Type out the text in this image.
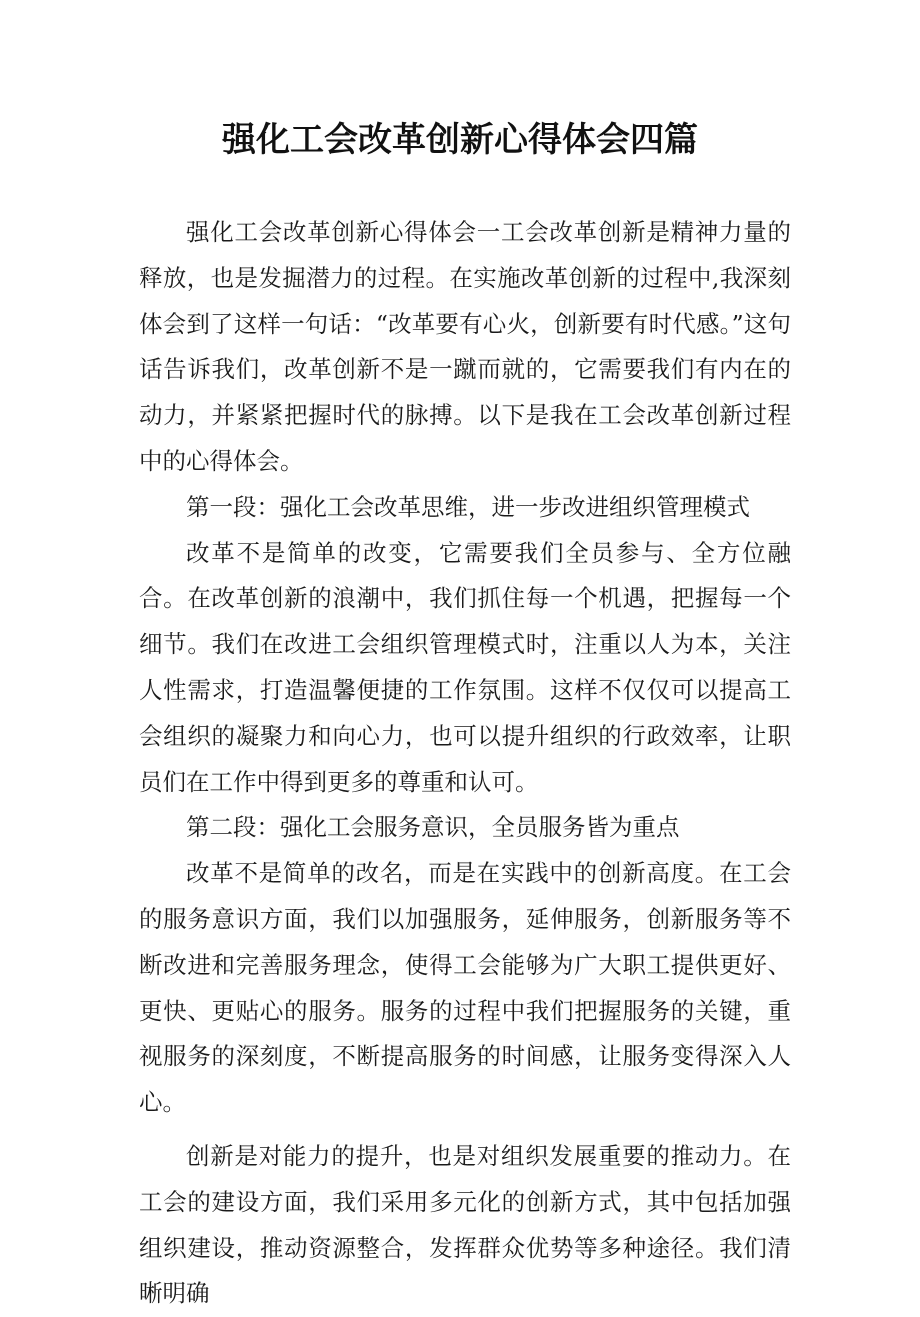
强化工会改革创新心得体会四篇

强化工会改革创新心得体会一工会改革创新是精神力量的释放，也是发掘潜力的过程。在实施改革创新的过程中,我深刻体会到了这样一句话：“改革要有心火，创新要有时代感。”这句话告诉我们，改革创新不是一蹴而就的，它需要我们有内在的动力，并紧紧把握时代的脉搏。以下是我在工会改革创新过程中的心得体会。

第一段：强化工会改革思维，进一步改进组织管理模式

改革不是简单的改变，它需要我们全员参与、全方位融合。在改革创新的浪潮中，我们抓住每一个机遇，把握每一个细节。我们在改进工会组织管理模式时，注重以人为本，关注人性需求，打造温馨便捷的工作氛围。这样不仅仅可以提高工会组织的凝聚力和向心力，也可以提升组织的行政效率，让职员们在工作中得到更多的尊重和认可。

第二段：强化工会服务意识，全员服务皆为重点

改革不是简单的改名，而是在实践中的创新高度。在工会的服务意识方面，我们以加强服务，延伸服务，创新服务等不断改进和完善服务理念，使得工会能够为广大职工提供更好、更快、更贴心的服务。服务的过程中我们把握服务的关键，重视服务的深刻度，不断提高服务的时间感，让服务变得深入人心。

创新是对能力的提升，也是对组织发展重要的推动力。在工会的建设方面，我们采用多元化的创新方式，其中包括加强组织建设，推动资源整合，发挥群众优势等多种途径。我们清晰明确
